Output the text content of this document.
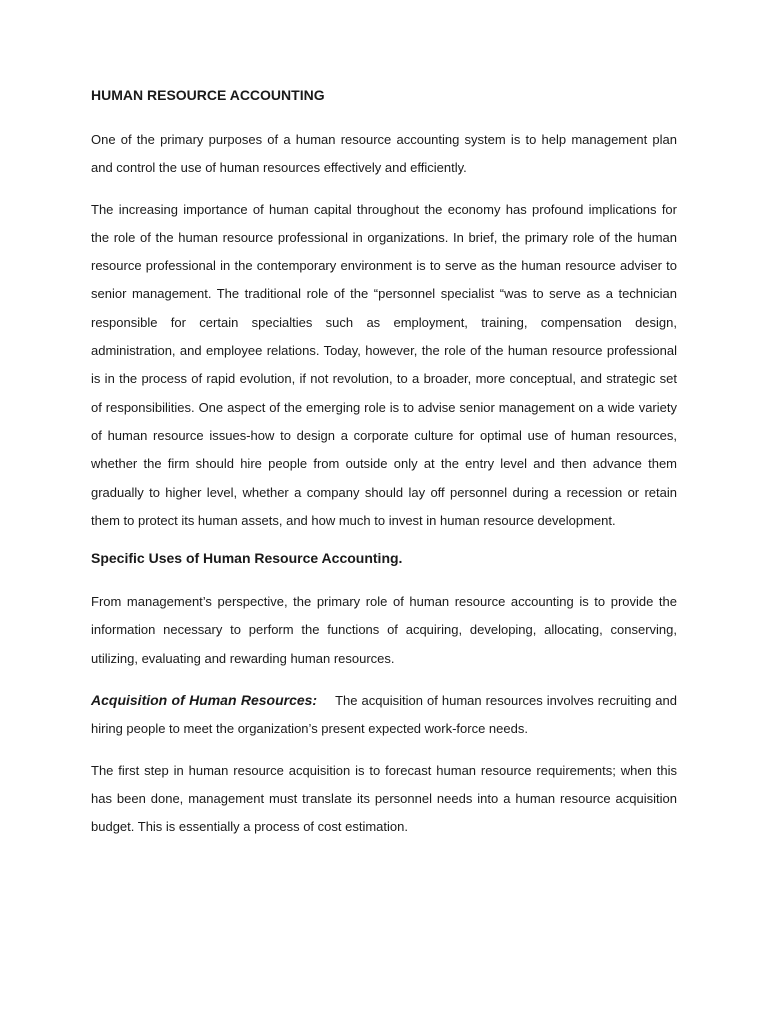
HUMAN RESOURCE ACCOUNTING

One of the primary purposes of a human resource accounting system is to help management plan and control the use of human resources effectively and efficiently.

The increasing importance of human capital throughout the economy has profound implications for the role of the human resource professional in organizations. In brief, the primary role of the human resource professional in the contemporary environment is to serve as the human resource adviser to senior management. The traditional role of the “personnel specialist “was to serve as a technician responsible for certain specialties such as employment, training, compensation design, administration, and employee relations. Today, however, the role of the human resource professional is in the process of rapid evolution, if not revolution, to a broader, more conceptual, and strategic set of responsibilities. One aspect of the emerging role is to advise senior management on a wide variety of human resource issues-how to design a corporate culture for optimal use of human resources, whether the firm should hire people from outside only at the entry level and then advance them gradually to higher level, whether a company should lay off personnel during a recession or retain them to protect its human assets, and how much to invest in human resource development.

Specific Uses of Human Resource Accounting.

From management’s perspective, the primary role of human resource accounting is to provide the information necessary to perform the functions of acquiring, developing, allocating, conserving, utilizing, evaluating and rewarding human resources.

Acquisition of Human Resources: The acquisition of human resources involves recruiting and hiring people to meet the organization’s present expected work-force needs.

The first step in human resource acquisition is to forecast human resource requirements; when this has been done, management must translate its personnel needs into a human resource acquisition budget. This is essentially a process of cost estimation.
